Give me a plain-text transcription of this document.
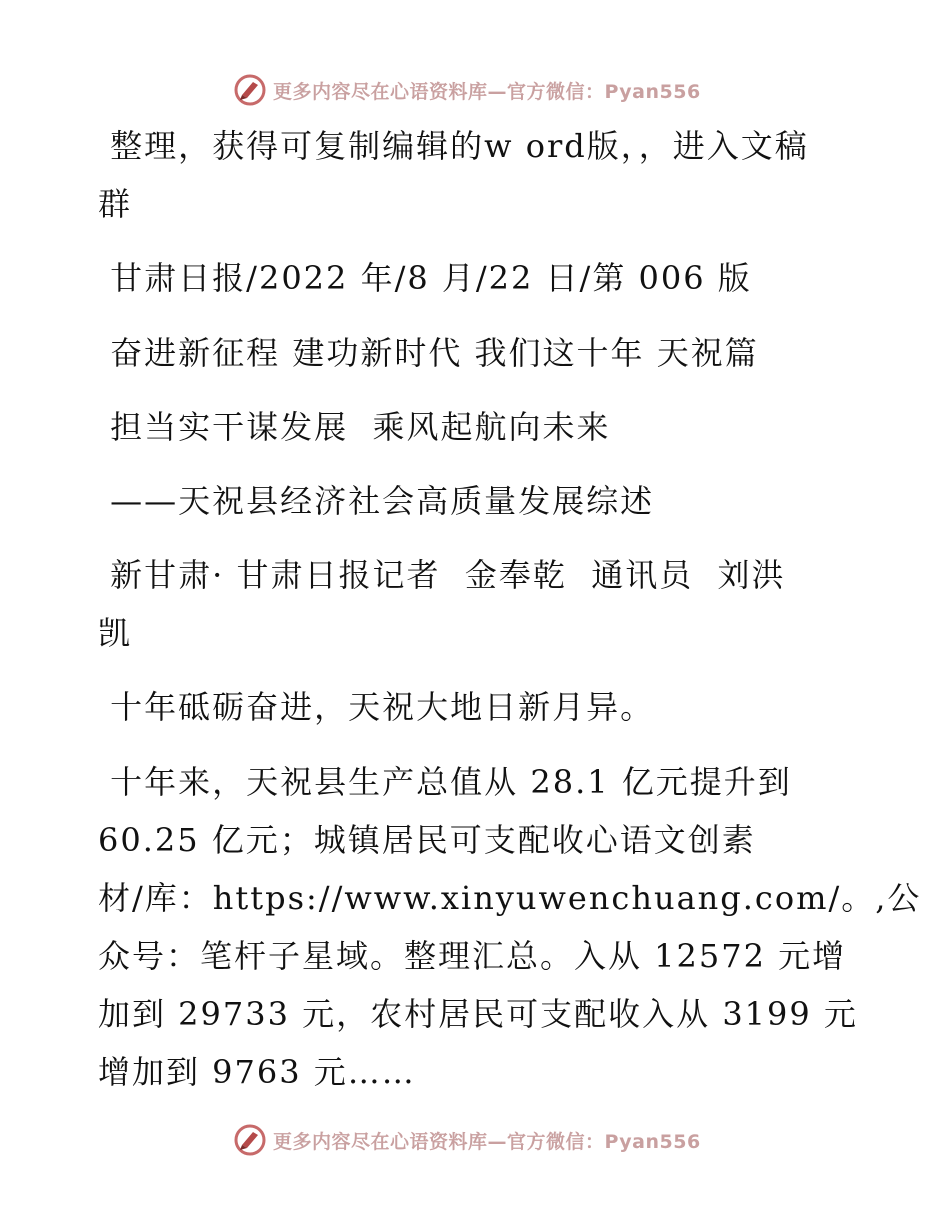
更多内容尽在心语资料库—官方微信：Pyan556
整理，获得可复制编辑的w ord版，，进入文稿
群
甘肃日报/2022 年/8 月/22 日/第 006 版
奋进新征程 建功新时代 我们这十年 天祝篇
担当实干谋发展  乘风起航向未来
——天祝县经济社会高质量发展综述
新甘肃· 甘肃日报记者  金奉乾  通讯员  刘洪
凯
十年砥砺奋进，天祝大地日新月异。
十年来，天祝县生产总值从 28.1 亿元提升到
60.25 亿元；城镇居民可支配收心语文创素
材/库：https://www.xinyuwenchuang.com/。,公
众号：笔杆子星域。整理汇总。入从 12572 元增
加到 29733 元，农村居民可支配收入从 3199 元
增加到 9763 元……
更多内容尽在心语资料库—官方微信：Pyan556
